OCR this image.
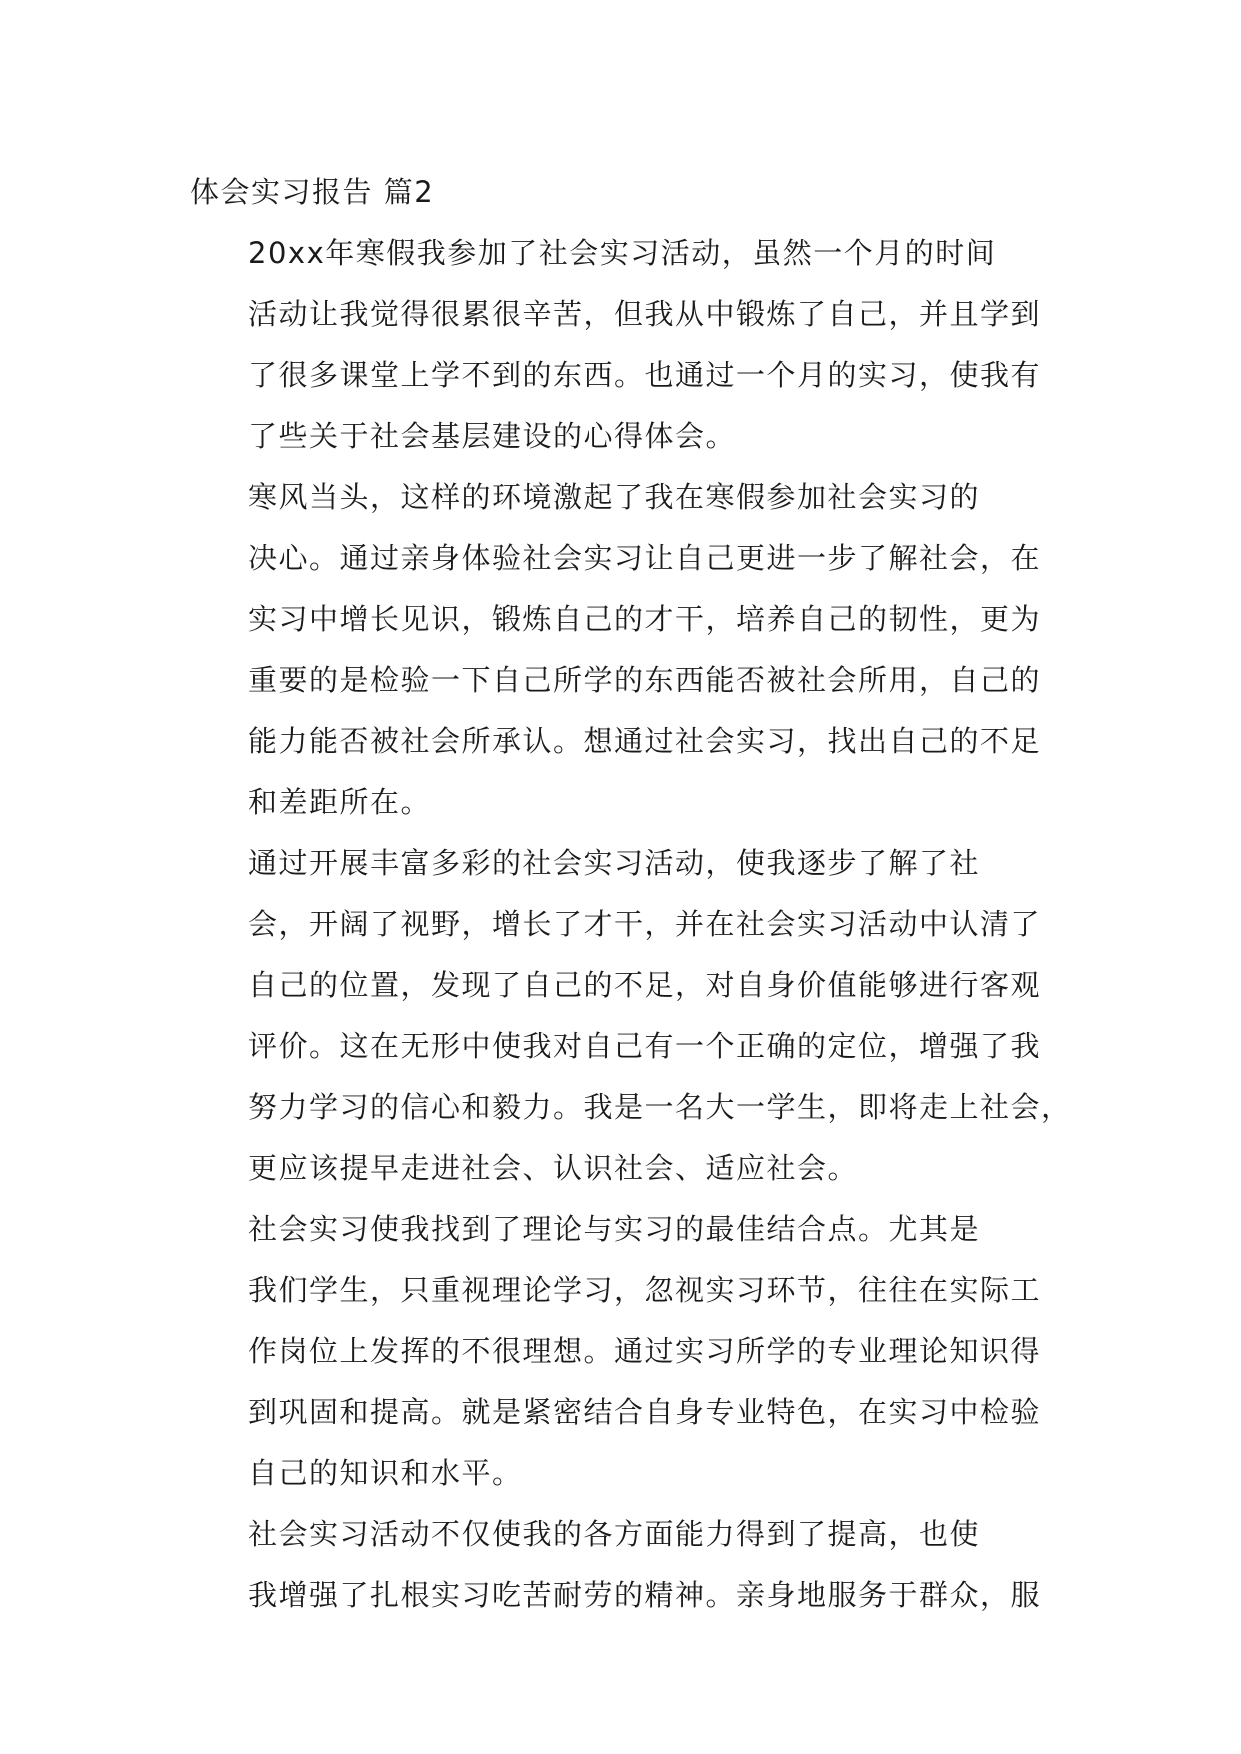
体会实习报告 篇2

20xx年寒假我参加了社会实习活动，虽然一个月的时间
活动让我觉得很累很辛苦，但我从中锻炼了自己，并且学到
了很多课堂上学不到的东西。也通过一个月的实习，使我有
了些关于社会基层建设的心得体会。

寒风当头，这样的环境激起了我在寒假参加社会实习的
决心。通过亲身体验社会实习让自己更进一步了解社会，在
实习中增长见识，锻炼自己的才干，培养自己的韧性，更为
重要的是检验一下自己所学的东西能否被社会所用，自己的
能力能否被社会所承认。想通过社会实习，找出自己的不足
和差距所在。

通过开展丰富多彩的社会实习活动，使我逐步了解了社
会，开阔了视野，增长了才干，并在社会实习活动中认清了
自己的位置，发现了自己的不足，对自身价值能够进行客观
评价。这在无形中使我对自己有一个正确的定位，增强了我
努力学习的信心和毅力。我是一名大一学生，即将走上社会，
更应该提早走进社会、认识社会、适应社会。

社会实习使我找到了理论与实习的最佳结合点。尤其是
我们学生，只重视理论学习，忽视实习环节，往往在实际工
作岗位上发挥的不很理想。通过实习所学的专业理论知识得
到巩固和提高。就是紧密结合自身专业特色，在实习中检验
自己的知识和水平。

社会实习活动不仅使我的各方面能力得到了提高，也使
我增强了扎根实习吃苦耐劳的精神。亲身地服务于群众，服
